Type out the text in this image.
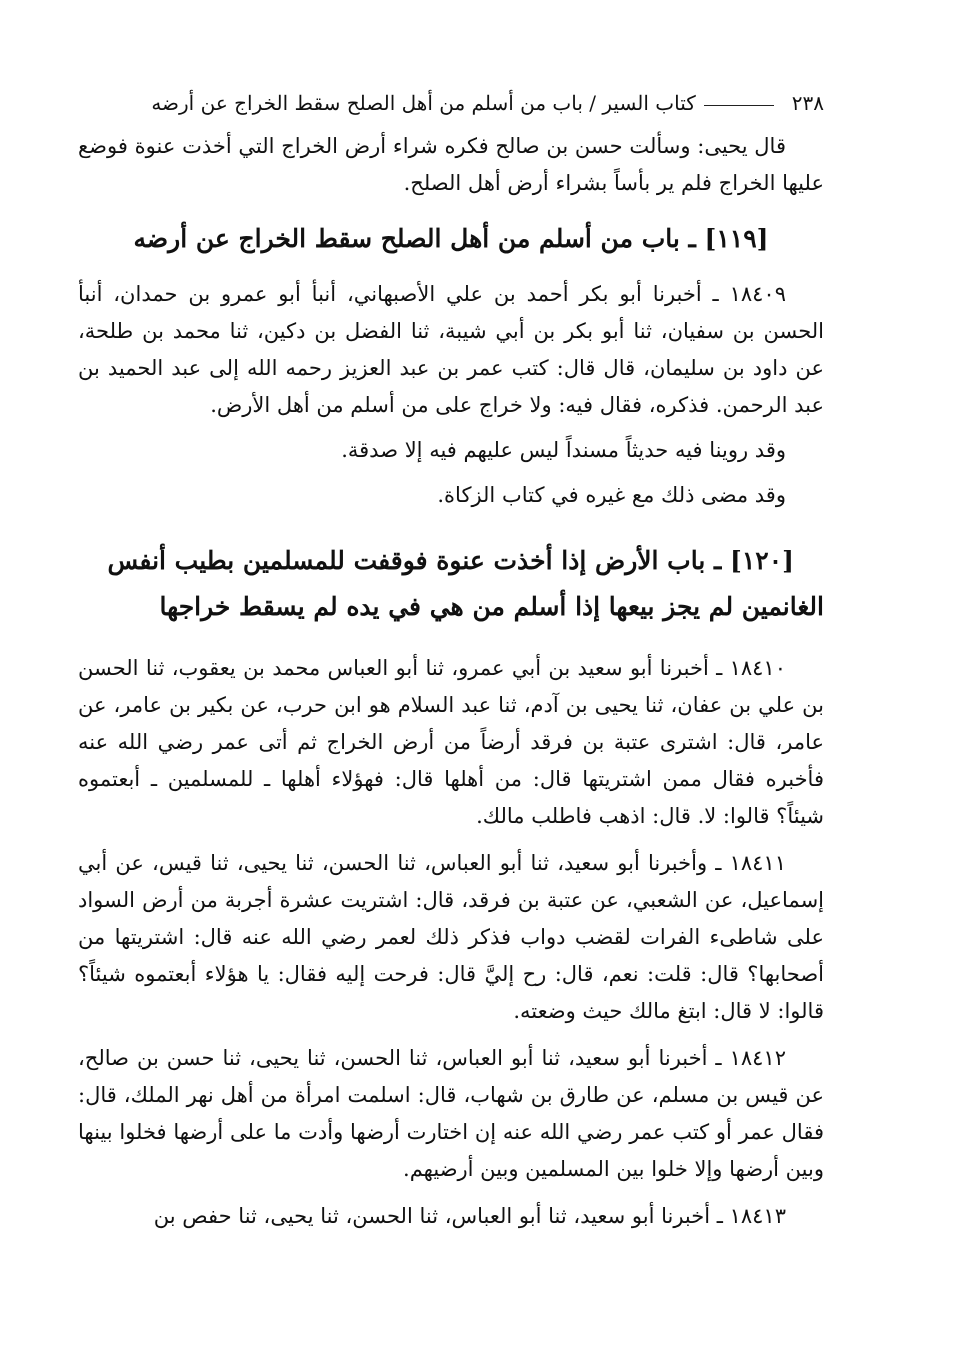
٢٣٨
كتاب السير / باب من أسلم من أهل الصلح سقط الخراج عن أرضه

قال يحيى: وسألت حسن بن صالح فكره شراء أرض الخراج التي أخذت عنوة فوضع عليها الخراج فلم ير بأساً بشراء أرض أهل الصلح.

[١١٩] ـ باب من أسلم من أهل الصلح سقط الخراج عن أرضه

١٨٤٠٩ ـ أخبرنا أبو بكر أحمد بن علي الأصبهاني، أنبأ أبو عمرو بن حمدان، أنبأ الحسن بن سفيان، ثنا أبو بكر بن أبي شيبة، ثنا الفضل بن دكين، ثنا محمد بن طلحة، عن داود بن سليمان، قال قال: كتب عمر بن عبد العزيز رحمه الله إلى عبد الحميد بن عبد الرحمن. فذكره، فقال فيه: ولا خراج على من أسلم من أهل الأرض.

وقد روينا فيه حديثاً مسنداً ليس عليهم فيه إلا صدقة.

وقد مضى ذلك مع غيره في كتاب الزكاة.

[١٢٠] ـ باب الأرض إذا أخذت عنوة فوقفت للمسلمين بطيب أنفس الغانمين لم يجز بيعها إذا أسلم من هي في يده لم يسقط خراجها

١٨٤١٠ ـ أخبرنا أبو سعيد بن أبي عمرو، ثنا أبو العباس محمد بن يعقوب، ثنا الحسن بن علي بن عفان، ثنا يحيى بن آدم، ثنا عبد السلام هو ابن حرب، عن بكير بن عامر، عن عامر، قال: اشترى عتبة بن فرقد أرضاً من أرض الخراج ثم أتى عمر رضي الله عنه فأخبره فقال ممن اشتريتها قال: من أهلها قال: فهؤلاء أهلها ـ للمسلمين ـ أبعتموه شيئاً؟ قالوا: لا. قال: اذهب فاطلب مالك.

١٨٤١١ ـ وأخبرنا أبو سعيد، ثنا أبو العباس، ثنا الحسن، ثنا يحيى، ثنا قيس، عن أبي إسماعيل، عن الشعبي، عن عتبة بن فرقد، قال: اشتريت عشرة أجربة من أرض السواد على شاطىء الفرات لقضب دواب فذكر ذلك لعمر رضي الله عنه قال: اشتريتها من أصحابها؟ قال: قلت: نعم، قال: رح إليَّ قال: فرحت إليه فقال: يا هؤلاء أبعتموه شيئاً؟ قالوا: لا قال: ابتغ مالك حيث وضعته.

١٨٤١٢ ـ أخبرنا أبو سعيد، ثنا أبو العباس، ثنا الحسن، ثنا يحيى، ثنا حسن بن صالح، عن قيس بن مسلم، عن طارق بن شهاب، قال: اسلمت امرأة من أهل نهر الملك، قال: فقال عمر أو كتب عمر رضي الله عنه إن اختارت أرضها وأدت ما على أرضها فخلوا بينها وبين أرضها وإلا خلوا بين المسلمين وبين أرضيهم.

١٨٤١٣ ـ أخبرنا أبو سعيد، ثنا أبو العباس، ثنا الحسن، ثنا يحيى، ثنا حفص بن
